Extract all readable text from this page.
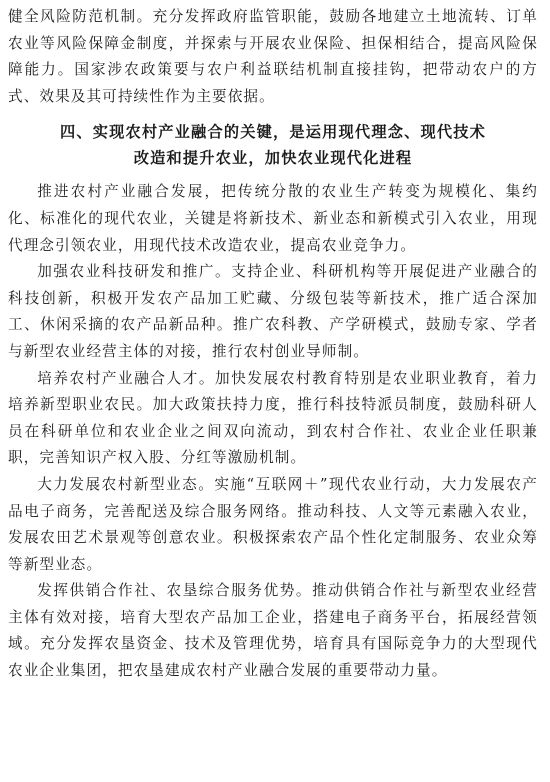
健全风险防范机制。充分发挥政府监管职能，鼓励各地建立土地流转、订单农业等风险保障金制度，并探索与开展农业保险、担保相结合，提高风险保障能力。国家涉农政策要与农户利益联结机制直接挂钩，把带动农户的方式、效果及其可持续性作为主要依据。

四、实现农村产业融合的关键，是运用现代理念、现代技术
改造和提升农业，加快农业现代化进程

推进农村产业融合发展，把传统分散的农业生产转变为规模化、集约化、标准化的现代农业，关键是将新技术、新业态和新模式引入农业，用现代理念引领农业，用现代技术改造农业，提高农业竞争力。

加强农业科技研发和推广。支持企业、科研机构等开展促进产业融合的科技创新，积极开发农产品加工贮藏、分级包装等新技术，推广适合深加工、休闲采摘的农产品新品种。推广农科教、产学研模式，鼓励专家、学者与新型农业经营主体的对接，推行农村创业导师制。

培养农村产业融合人才。加快发展农村教育特别是农业职业教育，着力培养新型职业农民。加大政策扶持力度，推行科技特派员制度，鼓励科研人员在科研单位和农业企业之间双向流动，到农村合作社、农业企业任职兼职，完善知识产权入股、分红等激励机制。

大力发展农村新型业态。实施“互联网＋”现代农业行动，大力发展农产品电子商务，完善配送及综合服务网络。推动科技、人文等元素融入农业，发展农田艺术景观等创意农业。积极探索农产品个性化定制服务、农业众筹等新型业态。

发挥供销合作社、农垦综合服务优势。推动供销合作社与新型农业经营主体有效对接，培育大型农产品加工企业，搭建电子商务平台，拓展经营领域。充分发挥农垦资金、技术及管理优势，培育具有国际竞争力的大型现代农业企业集团，把农垦建成农村产业融合发展的重要带动力量。
